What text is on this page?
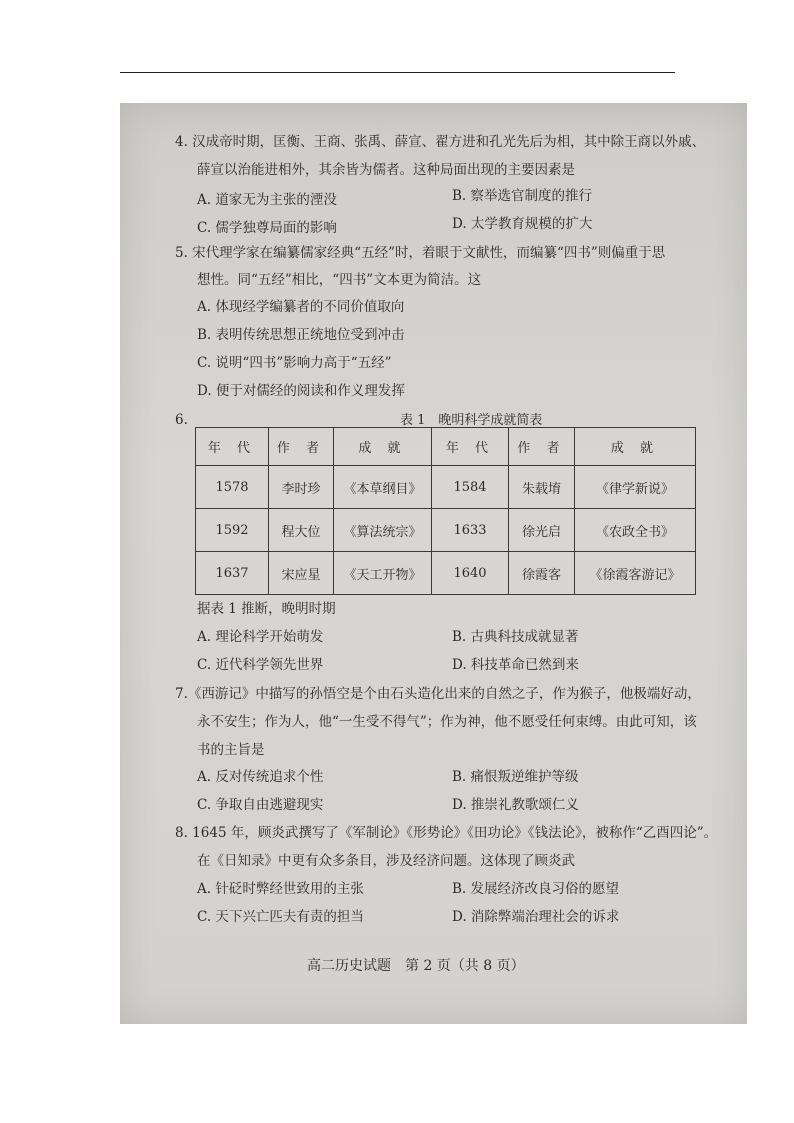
4. 汉成帝时期，匡衡、王商、张禹、薛宣、翟方进和孔光先后为相，其中除王商以外戚、
薛宣以治能进相外，其余皆为儒者。这种局面出现的主要因素是
A. 道家无为主张的湮没	B. 察举选官制度的推行
C. 儒学独尊局面的影响	D. 太学教育规模的扩大
5. 宋代理学家在编纂儒家经典“五经”时，着眼于文献性，而编纂“四书”则偏重于思
想性。同“五经”相比，“四书”文本更为简洁。这
A. 体现经学编纂者的不同价值取向
B. 表明传统思想正统地位受到冲击
C. 说明“四书”影响力高于“五经”
D. 便于对儒经的阅读和作义理发挥
6.	表 1　晚明科学成就简表
年 代	作 者	成 就	年 代	作 者	成 就
1578	李时珍	《本草纲目》	1584	朱载堉	《律学新说》
1592	程大位	《算法统宗》	1633	徐光启	《农政全书》
1637	宋应星	《天工开物》	1640	徐霞客	《徐霞客游记》
据表 1 推断，晚明时期
A. 理论科学开始萌发	B. 古典科技成就显著
C. 近代科学领先世界	D. 科技革命已然到来
7.《西游记》中描写的孙悟空是个由石头造化出来的自然之子，作为猴子，他极端好动，
永不安生；作为人，他“一生受不得气”；作为神，他不愿受任何束缚。由此可知，该
书的主旨是
A. 反对传统追求个性	B. 痛恨叛逆维护等级
C. 争取自由逃避现实	D. 推崇礼教歌颂仁义
8. 1645 年，顾炎武撰写了《军制论》《形势论》《田功论》《钱法论》，被称作“乙酉四论”。
在《日知录》中更有众多条目，涉及经济问题。这体现了顾炎武
A. 针砭时弊经世致用的主张	B. 发展经济改良习俗的愿望
C. 天下兴亡匹夫有责的担当	D. 消除弊端治理社会的诉求
高二历史试题　第 2 页（共 8 页）
